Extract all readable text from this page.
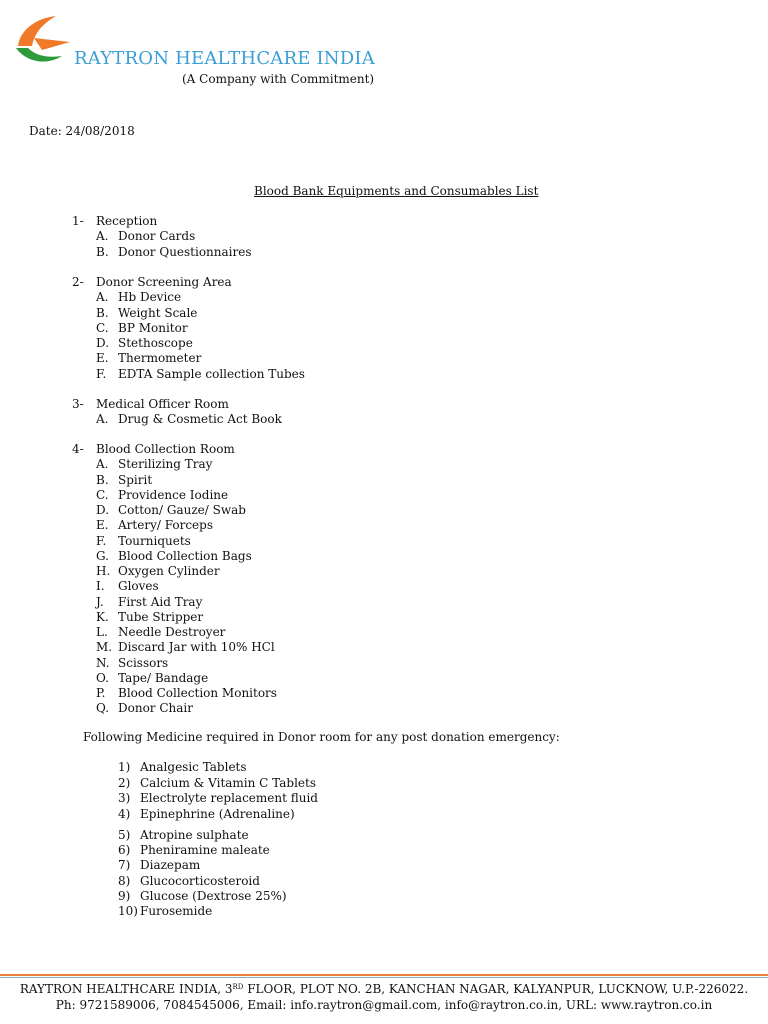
RAYTRON HEALTHCARE INDIA
(A Company with Commitment)
Date: 24/08/2018
Blood Bank Equipments and Consumables List
1-	Reception
A. Donor Cards
B. Donor Questionnaires
2-	Donor Screening Area
A. Hb Device
B. Weight Scale
C. BP Monitor
D. Stethoscope
E. Thermometer
F. EDTA Sample collection Tubes
3-	Medical Officer Room
A. Drug & Cosmetic Act Book
4-	Blood Collection Room
A. Sterilizing Tray
B. Spirit
C. Providence Iodine
D. Cotton/ Gauze/ Swab
E. Artery/ Forceps
F. Tourniquets
G. Blood Collection Bags
H. Oxygen Cylinder
I.	Gloves
J.	First Aid Tray
K. Tube Stripper
L. Needle Destroyer
M. Discard Jar with 10% HCl
N. Scissors
O. Tape/ Bandage
P.	Blood Collection Monitors
Q. Donor Chair
Following Medicine required in Donor room for any post donation emergency:
1) Analgesic Tablets
2) Calcium & Vitamin C Tablets
3) Electrolyte replacement fluid
4) Epinephrine (Adrenaline)
5) Atropine sulphate
6) Pheniramine maleate
7) Diazepam
8) Glucocorticosteroid
9) Glucose (Dextrose 25%)
10) Furosemide
RAYTRON HEALTHCARE INDIA, 3RD FLOOR, PLOT NO. 2B, KANCHAN NAGAR, KALYANPUR, LUCKNOW, U.P.-226022.
Ph: 9721589006, 7084545006, Email: info.raytron@gmail.com, info@raytron.co.in, URL: www.raytron.co.in
